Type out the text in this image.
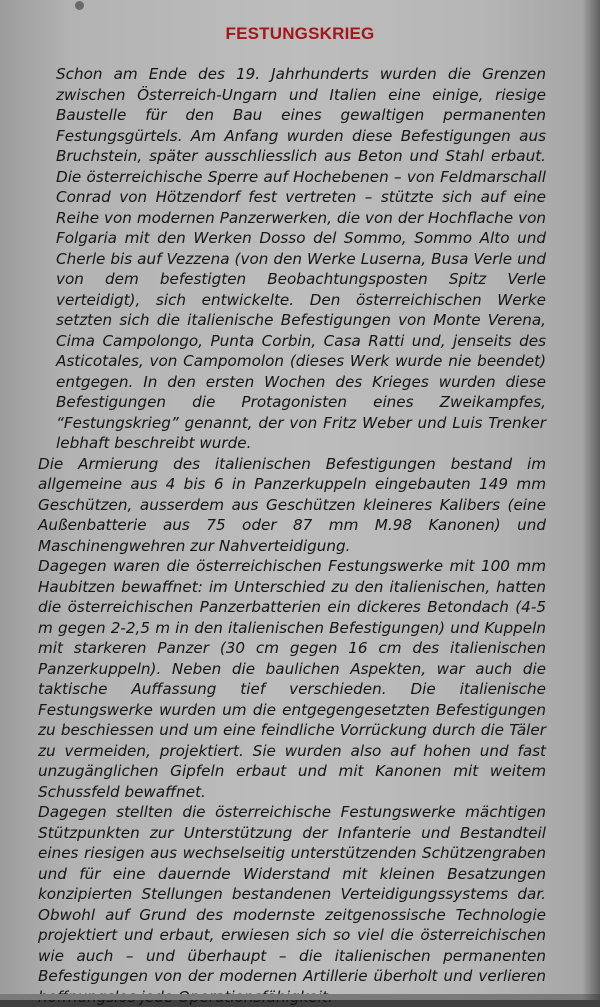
FESTUNGSKRIEG

Schon am Ende des 19. Jahrhunderts wurden die Grenzen zwischen Österreich-Ungarn und Italien eine einige, riesige Baustelle für den Bau eines gewaltigen permanenten Festungsgürtels. Am Anfang wurden diese Befestigungen aus Bruchstein, später ausschliesslich aus Beton und Stahl erbaut. Die österreichische Sperre auf Hochebenen – von Feldmarschall Conrad von Hötzendorf fest vertreten – stützte sich auf eine Reihe von modernen Panzerwerken, die von der Hochflache von Folgaria mit den Werken Dosso del Sommo, Sommo Alto und Cherle bis auf Vezzena (von den Werke Luserna, Busa Verle und von dem befestigten Beobachtungsposten Spitz Verle verteidigt), sich entwickelte. Den österreichischen Werke setzten sich die italienische Befestigungen von Monte Verena, Cima Campolongo, Punta Corbin, Casa Ratti und, jenseits des Asticotales, von Campomolon (dieses Werk wurde nie beendet) entgegen. In den ersten Wochen des Krieges wurden diese Befestigungen die Protagonisten eines Zweikampfes, “Festungskrieg” genannt, der von Fritz Weber und Luis Trenker lebhaft beschreibt wurde.

Die Armierung des italienischen Befestigungen bestand im allgemeine aus 4 bis 6 in Panzerkuppeln eingebauten 149 mm Geschützen, ausserdem aus Geschützen kleineres Kalibers (eine Außenbatterie aus 75 oder 87 mm M.98 Kanonen) und Maschinengwehren zur Nahverteidigung.

Dagegen waren die österreichischen Festungswerke mit 100 mm Haubitzen bewaffnet: im Unterschied zu den italienischen, hatten die österreichischen Panzerbatterien ein dickeres Betondach (4-5 m gegen 2-2,5 m in den italienischen Befestigungen) und Kuppeln mit starkeren Panzer (30 cm gegen 16 cm des italienischen Panzerkuppeln). Neben die baulichen Aspekten, war auch die taktische Auffassung tief verschieden. Die italienische Festungswerke wurden um die entgegengesetzten Befestigungen zu beschiessen und um eine feindliche Vorrückung durch die Täler zu vermeiden, projektiert. Sie wurden also auf hohen und fast unzugänglichen Gipfeln erbaut und mit Kanonen mit weitem Schussfeld bewaffnet.

Dagegen stellten die österreichische Festungswerke mächtigen Stützpunkten zur Unterstützung der Infanterie und Bestandteil eines riesigen aus wechselseitig unterstützenden Schützengraben und für eine dauernde Widerstand mit kleinen Besatzungen konzipierten Stellungen bestandenen Verteidigungssystems dar. Obwohl auf Grund des modernste zeitgenossische Technologie projektiert und erbaut, erwiesen sich so viel die österreichischen wie auch – und überhaupt – die italienischen permanenten Befestigungen von der modernen Artillerie überholt und verlieren
